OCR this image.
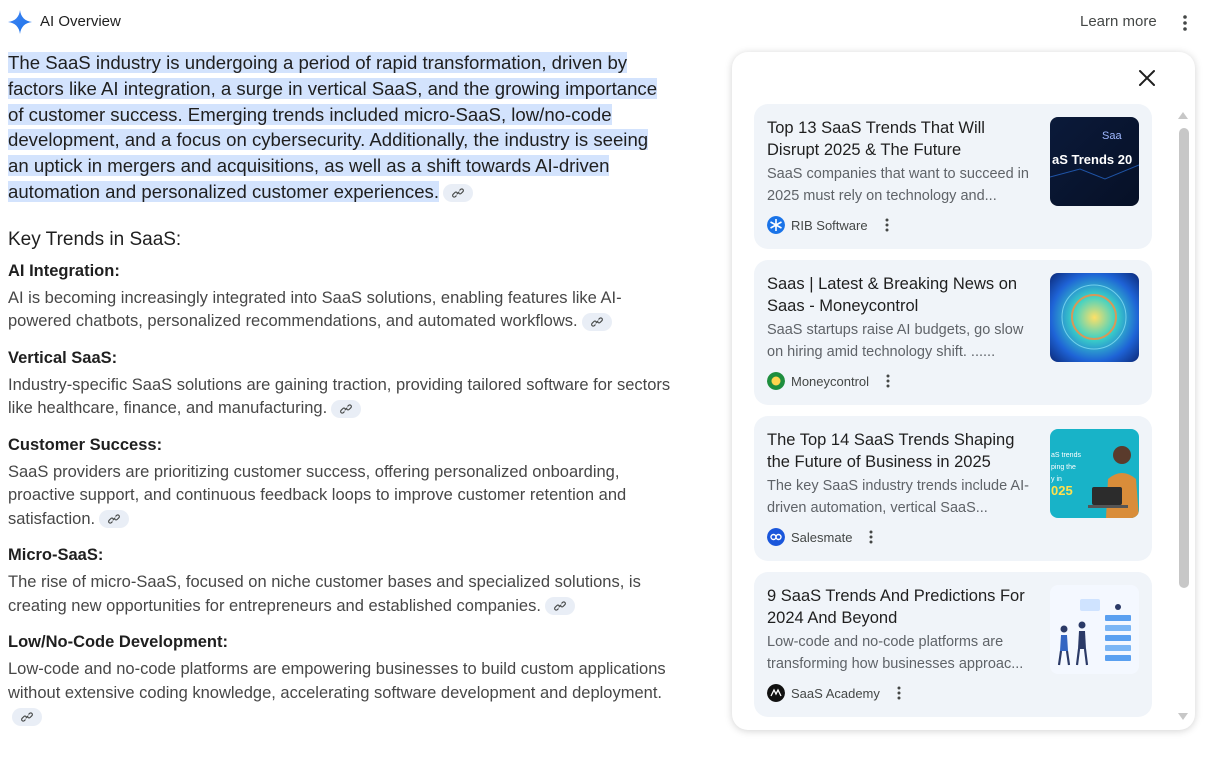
AI Overview	Learn more
The SaaS industry is undergoing a period of rapid transformation, driven by
factors like AI integration, a surge in vertical SaaS, and the growing importance
of customer success. Emerging trends included micro-SaaS, low/no-code
development, and a focus on cybersecurity. Additionally, the industry is seeing
an uptick in mergers and acquisitions, as well as a shift towards AI-driven
automation and personalized customer experiences.
Key Trends in SaaS:
AI Integration:
AI is becoming increasingly integrated into SaaS solutions, enabling features like AI-powered chatbots, personalized recommendations, and automated workflows.
Vertical SaaS:
Industry-specific SaaS solutions are gaining traction, providing tailored software for sectors like healthcare, finance, and manufacturing.
Customer Success:
SaaS providers are prioritizing customer success, offering personalized onboarding, proactive support, and continuous feedback loops to improve customer retention and satisfaction.
Micro-SaaS:
The rise of micro-SaaS, focused on niche customer bases and specialized solutions, is creating new opportunities for entrepreneurs and established companies.
Low/No-Code Development:
Low-code and no-code platforms are empowering businesses to build custom applications without extensive coding knowledge, accelerating software development and deployment.
Top 13 SaaS Trends That Will Disrupt 2025 & The Future
SaaS companies that want to succeed in 2025 must rely on technology and...
RIB Software
Saa
aS Trends 20
Saas | Latest & Breaking News on Saas - Moneycontrol
SaaS startups raise AI budgets, go slow on hiring amid technology shift. ......
Moneycontrol
The Top 14 SaaS Trends Shaping the Future of Business in 2025
The key SaaS industry trends include AI-driven automation, vertical SaaS...
Salesmate
aS trends
ping the
y in
025
9 SaaS Trends And Predictions For 2024 And Beyond
Low-code and no-code platforms are transforming how businesses approac...
SaaS Academy
